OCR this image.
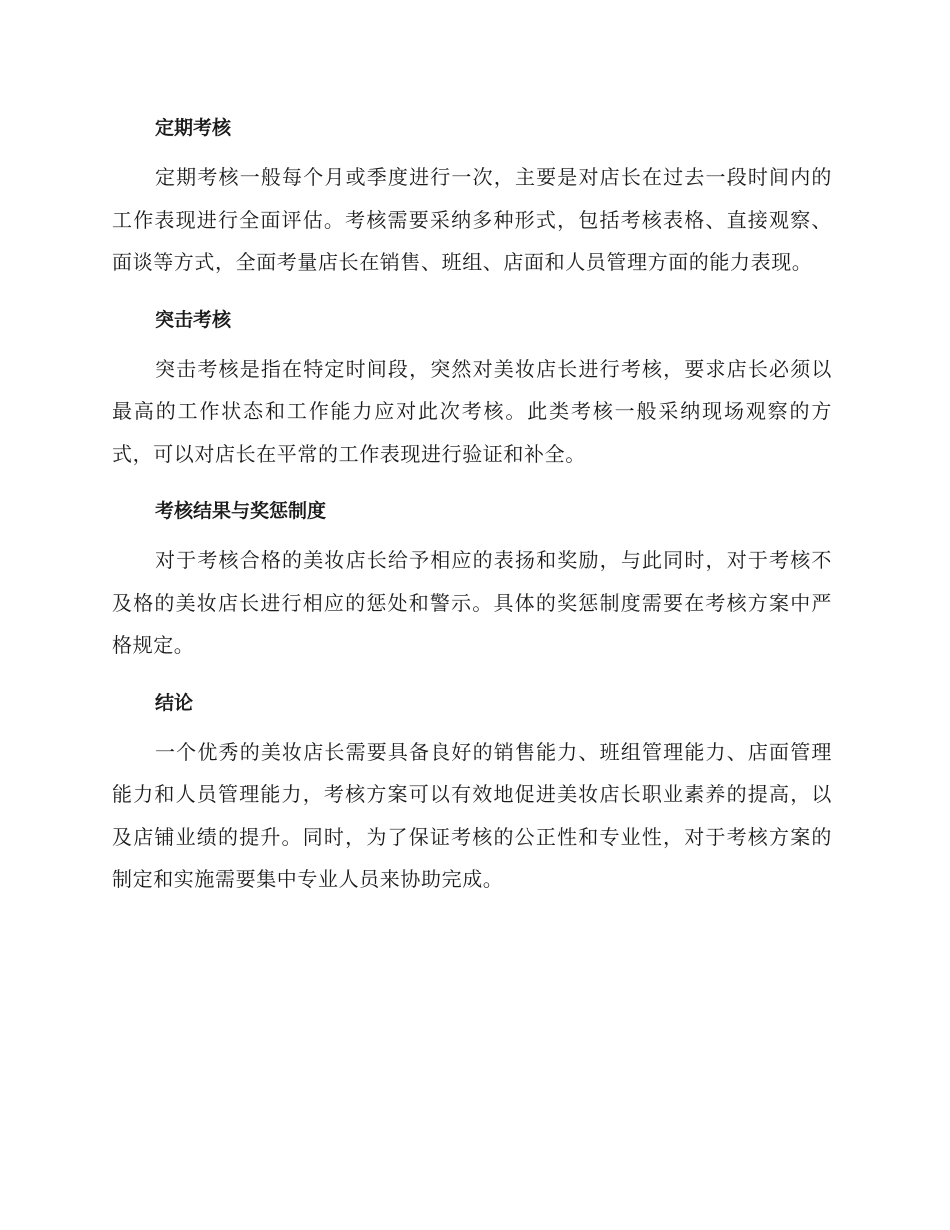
定期考核

定期考核一般每个月或季度进行一次，主要是对店长在过去一段时间内的工作表现进行全面评估。考核需要采纳多种形式，包括考核表格、直接观察、面谈等方式，全面考量店长在销售、班组、店面和人员管理方面的能力表现。

突击考核

突击考核是指在特定时间段，突然对美妆店长进行考核，要求店长必须以最高的工作状态和工作能力应对此次考核。此类考核一般采纳现场观察的方式，可以对店长在平常的工作表现进行验证和补全。

考核结果与奖惩制度

对于考核合格的美妆店长给予相应的表扬和奖励，与此同时，对于考核不及格的美妆店长进行相应的惩处和警示。具体的奖惩制度需要在考核方案中严格规定。

结论

一个优秀的美妆店长需要具备良好的销售能力、班组管理能力、店面管理能力和人员管理能力，考核方案可以有效地促进美妆店长职业素养的提高，以及店铺业绩的提升。同时，为了保证考核的公正性和专业性，对于考核方案的制定和实施需要集中专业人员来协助完成。
